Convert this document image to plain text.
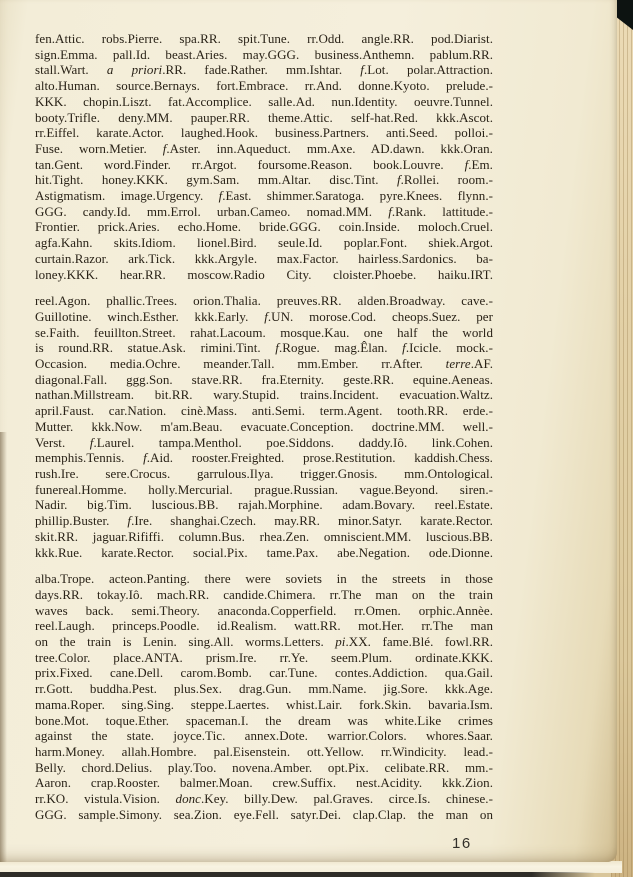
fen.Attic. robs.Pierre. spa.RR. spit.Tune. rr.Odd. angle.RR. pod.Diarist.
sign.Emma. pall.Id. beast.Aries. may.GGG. business.Anthemn. pablum.RR.
stall.Wart. a priori.RR. fade.Rather. mm.Ishtar. f.Lot. polar.Attraction.
alto.Human. source.Bernays. fort.Embrace. rr.And. donne.Kyoto. prelude.-
KKK. chopin.Liszt. fat.Accomplice. salle.Ad. nun.Identity. oeuvre.Tunnel.
booty.Trifle. deny.MM. pauper.RR. theme.Attic. self-hat.Red. kkk.Ascot.
rr.Eiffel. karate.Actor. laughed.Hook. business.Partners. anti.Seed. polloi.-
Fuse. worn.Metier. f.Aster. inn.Aqueduct. mm.Axe. AD.dawn. kkk.Oran.
tan.Gent. word.Finder. rr.Argot. foursome.Reason. book.Louvre. f.Em.
hit.Tight. honey.KKK. gym.Sam. mm.Altar. disc.Tint. f.Rollei. room.-
Astigmatism. image.Urgency. f.East. shimmer.Saratoga. pyre.Knees. flynn.-
GGG. candy.Id. mm.Errol. urban.Cameo. nomad.MM. f.Rank. lattitude.-
Frontier. prick.Aries. echo.Home. bride.GGG. coin.Inside. moloch.Cruel.
agfa.Kahn. skits.Idiom. lionel.Bird. seule.Id. poplar.Font. shiek.Argot.
curtain.Razor. ark.Tick. kkk.Argyle. max.Factor. hairless.Sardonics. ba-
loney.KKK. hear.RR. moscow.Radio City. cloister.Phoebe. haiku.IRT.
reel.Agon. phallic.Trees. orion.Thalia. preuves.RR. alden.Broadway. cave.-
Guillotine. winch.Esther. kkk.Early. f.UN. morose.Cod. cheops.Suez. per
se.Faith. feuillton.Street. rahat.Lacoum. mosque.Kau. one half the world
is round.RR. statue.Ask. rimini.Tint. f.Rogue. mag.Êlan. f.Icicle. mock.-
Occasion. media.Ochre. meander.Tall. mm.Ember. rr.After. terre.AF.
diagonal.Fall. ggg.Son. stave.RR. fra.Eternity. geste.RR. equine.Aeneas.
nathan.Millstream. bit.RR. wary.Stupid. trains.Incident. evacuation.Waltz.
april.Faust. car.Nation. cinè.Mass. anti.Semi. term.Agent. tooth.RR. erde.-
Mutter. kkk.Now. m'am.Beau. evacuate.Conception. doctrine.MM. well.-
Verst. f.Laurel. tampa.Menthol. poe.Siddons. daddy.Iô. link.Cohen.
memphis.Tennis. f.Aid. rooster.Freighted. prose.Restitution. kaddish.Chess.
rush.Ire. sere.Crocus. garrulous.Ilya. trigger.Gnosis. mm.Ontological.
funereal.Homme. holly.Mercurial. prague.Russian. vague.Beyond. siren.-
Nadir. big.Tim. luscious.BB. rajah.Morphine. adam.Bovary. reel.Estate.
phillip.Buster. f.Ire. shanghai.Czech. may.RR. minor.Satyr. karate.Rector.
skit.RR. jaguar.Rififfi. column.Bus. rhea.Zen. omniscient.MM. luscious.BB.
kkk.Rue. karate.Rector. social.Pix. tame.Pax. abe.Negation. ode.Dionne.
alba.Trope. acteon.Panting. there were soviets in the streets in those
days.RR. tokay.Iô. mach.RR. candide.Chimera. rr.The man on the train
waves back. semi.Theory. anaconda.Copperfield. rr.Omen. orphic.Annèe.
reel.Laugh. princeps.Poodle. id.Realism. watt.RR. mot.Her. rr.The man
on the train is Lenin. sing.All. worms.Letters. pi.XX. fame.Blé. fowl.RR.
tree.Color. place.ANTA. prism.Ire. rr.Ye. seem.Plum. ordinate.KKK.
prix.Fixed. cane.Dell. carom.Bomb. car.Tune. contes.Addiction. qua.Gail.
rr.Gott. buddha.Pest. plus.Sex. drag.Gun. mm.Name. jig.Sore. kkk.Age.
mama.Roper. sing.Sing. steppe.Laertes. whist.Lair. fork.Skin. bavaria.Ism.
bone.Mot. toque.Ether. spaceman.I. the dream was white.Like crimes
against the state. joyce.Tic. annex.Dote. warrior.Colors. whores.Saar.
harm.Money. allah.Hombre. pal.Eisenstein. ott.Yellow. rr.Windicity. lead.-
Belly. chord.Delius. play.Too. novena.Amber. opt.Pix. celibate.RR. mm.-
Aaron. crap.Rooster. balmer.Moan. crew.Suffix. nest.Acidity. kkk.Zion.
rr.KO. vistula.Vision. donc.Key. billy.Dew. pal.Graves. circe.Is. chinese.-
GGG. sample.Simony. sea.Zion. eye.Fell. satyr.Dei. clap.Clap. the man on
16
